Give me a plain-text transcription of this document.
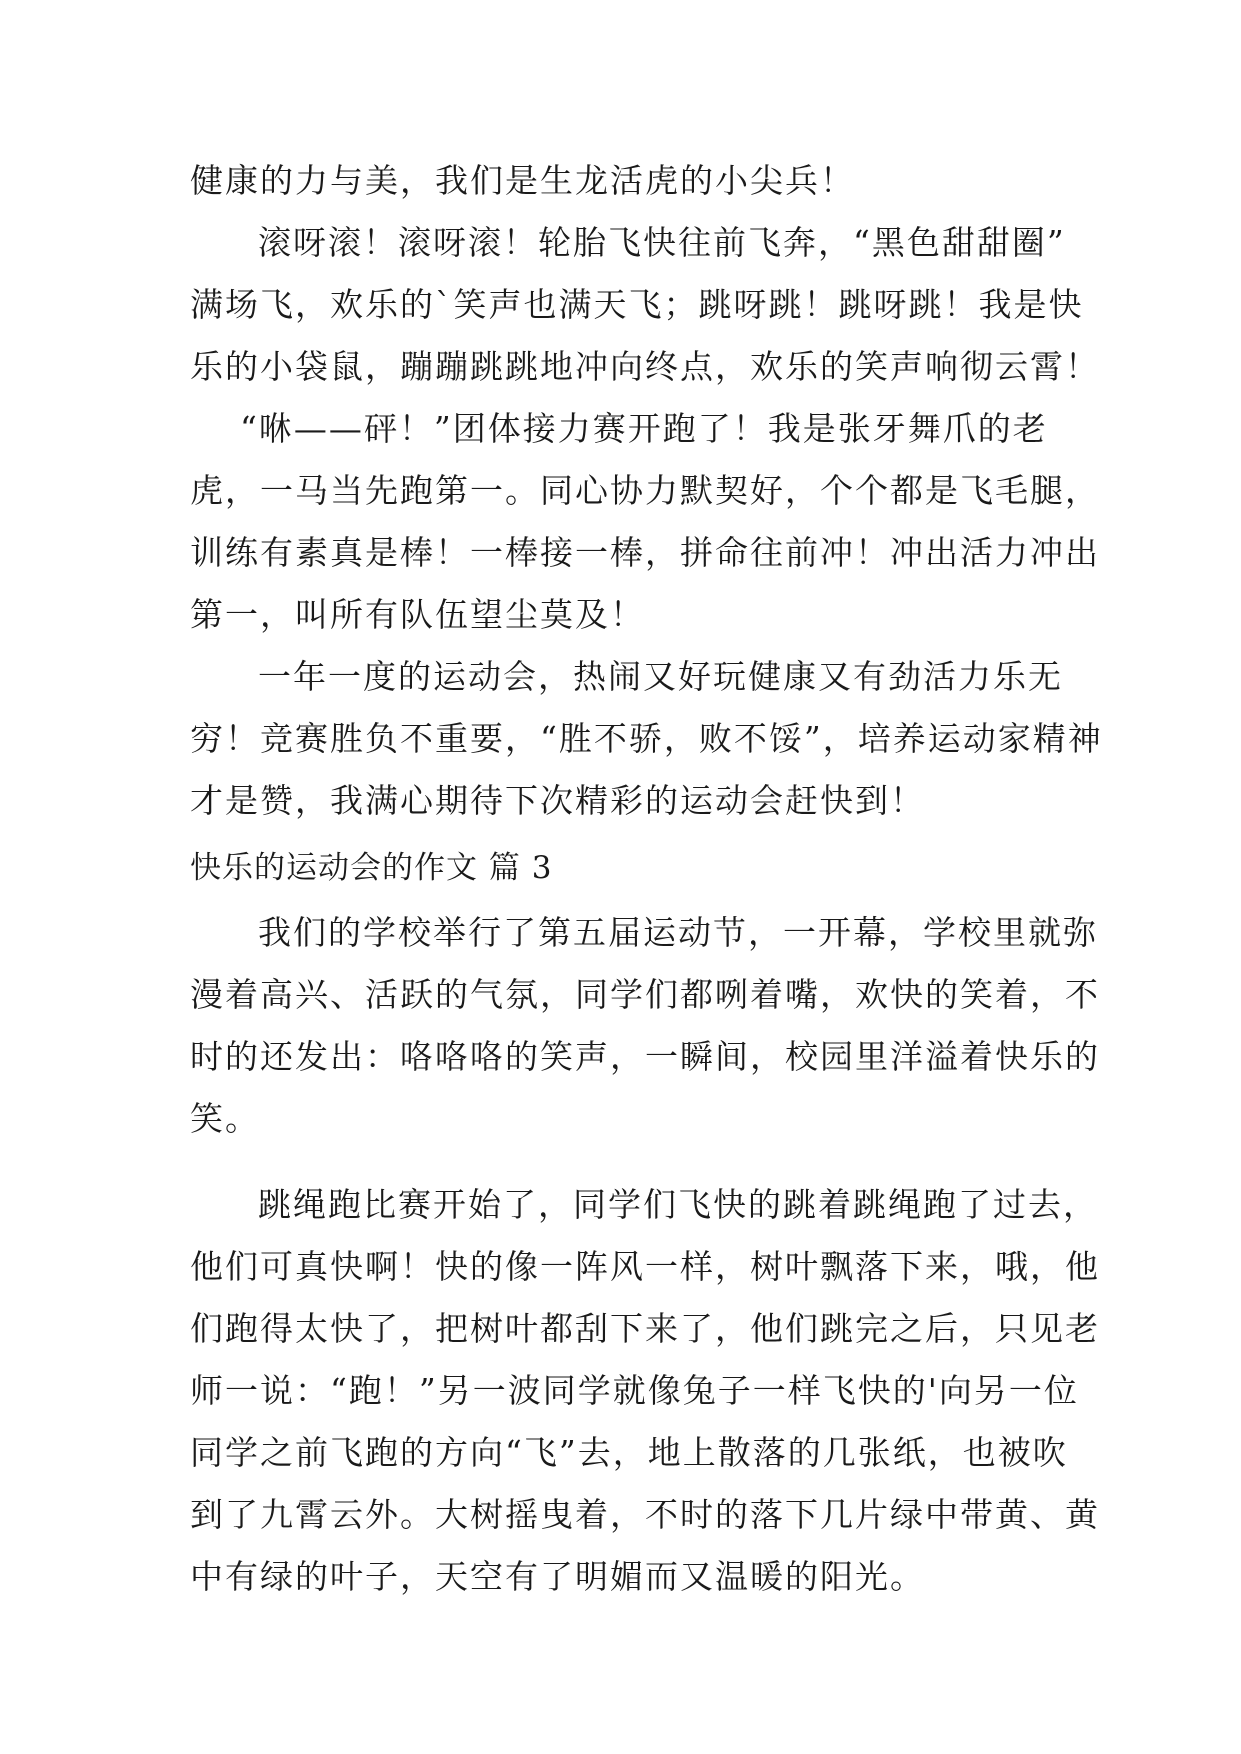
健康的力与美，我们是生龙活虎的小尖兵！
滚呀滚！滚呀滚！轮胎飞快往前飞奔，“黑色甜甜圈”
满场飞，欢乐的`笑声也满天飞；跳呀跳！跳呀跳！我是快
乐的小袋鼠，蹦蹦跳跳地冲向终点，欢乐的笑声响彻云霄！
“咻——砰！”团体接力赛开跑了！我是张牙舞爪的老
虎，一马当先跑第一。同心协力默契好，个个都是飞毛腿，
训练有素真是棒！一棒接一棒，拼命往前冲！冲出活力冲出
第一，叫所有队伍望尘莫及！
一年一度的运动会，热闹又好玩健康又有劲活力乐无
穷！竞赛胜负不重要，“胜不骄，败不馁”，培养运动家精神
才是赞，我满心期待下次精彩的运动会赶快到！
快乐的运动会的作文 篇 3
我们的学校举行了第五届运动节，一开幕，学校里就弥
漫着高兴、活跃的气氛，同学们都咧着嘴，欢快的笑着，不
时的还发出：咯咯咯的笑声，一瞬间，校园里洋溢着快乐的
笑。
跳绳跑比赛开始了，同学们飞快的跳着跳绳跑了过去，
他们可真快啊！快的像一阵风一样，树叶飘落下来，哦，他
们跑得太快了，把树叶都刮下来了，他们跳完之后，只见老
师一说：“跑！”另一波同学就像兔子一样飞快的'向另一位
同学之前飞跑的方向“飞”去，地上散落的几张纸，也被吹
到了九霄云外。大树摇曳着，不时的落下几片绿中带黄、黄
中有绿的叶子，天空有了明媚而又温暖的阳光。
